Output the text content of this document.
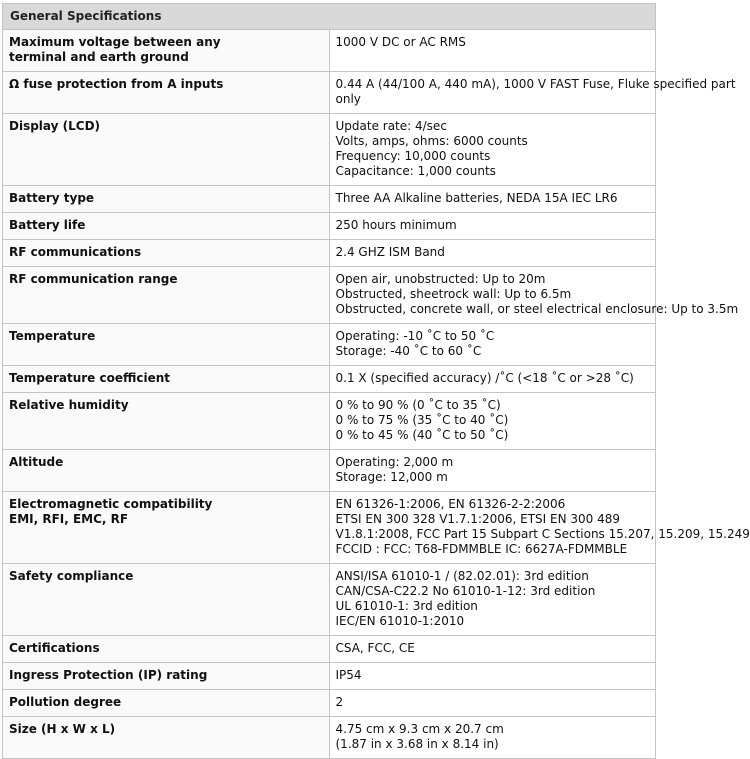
General Specifications	

Maximum voltage between any
terminal and earth ground	1000 V DC or AC RMS

Ω fuse protection from A inputs	0.44 A (44/100 A, 440 mA), 1000 V FAST Fuse, Fluke specified part
only

Display (LCD)	Update rate: 4/sec
Volts, amps, ohms: 6000 counts
Frequency: 10,000 counts
Capacitance: 1,000 counts

Battery type	Three AA Alkaline batteries, NEDA 15A IEC LR6

Battery life	250 hours minimum

RF communications	2.4 GHZ ISM Band

RF communication range	Open air, unobstructed: Up to 20m
Obstructed, sheetrock wall: Up to 6.5m
Obstructed, concrete wall, or steel electrical enclosure: Up to 3.5m

Temperature	Operating: -10 ˚C to 50 ˚C
Storage: -40 ˚C to 60 ˚C

Temperature coefficient	0.1 X (specified accuracy) /˚C (<18 ˚C or >28 ˚C)

Relative humidity	0 % to 90 % (0 ˚C to 35 ˚C)
0 % to 75 % (35 ˚C to 40 ˚C)
0 % to 45 % (40 ˚C to 50 ˚C)

Altitude	Operating: 2,000 m
Storage: 12,000 m

Electromagnetic compatibility
EMI, RFI, EMC, RF	EN 61326-1:2006, EN 61326-2-2:2006
ETSI EN 300 328 V1.7.1:2006, ETSI EN 300 489
V1.8.1:2008, FCC Part 15 Subpart C Sections 15.207, 15.209, 15.249
FCCID : FCC: T68-FDMMBLE IC: 6627A-FDMMBLE

Safety compliance	ANSI/ISA 61010-1 / (82.02.01): 3rd edition
CAN/CSA-C22.2 No 61010-1-12: 3rd edition
UL 61010-1: 3rd edition
IEC/EN 61010-1:2010

Certifications	CSA, FCC, CE

Ingress Protection (IP) rating	IP54

Pollution degree	2

Size (H x W x L)	4.75 cm x 9.3 cm x 20.7 cm
(1.87 in x 3.68 in x 8.14 in)
